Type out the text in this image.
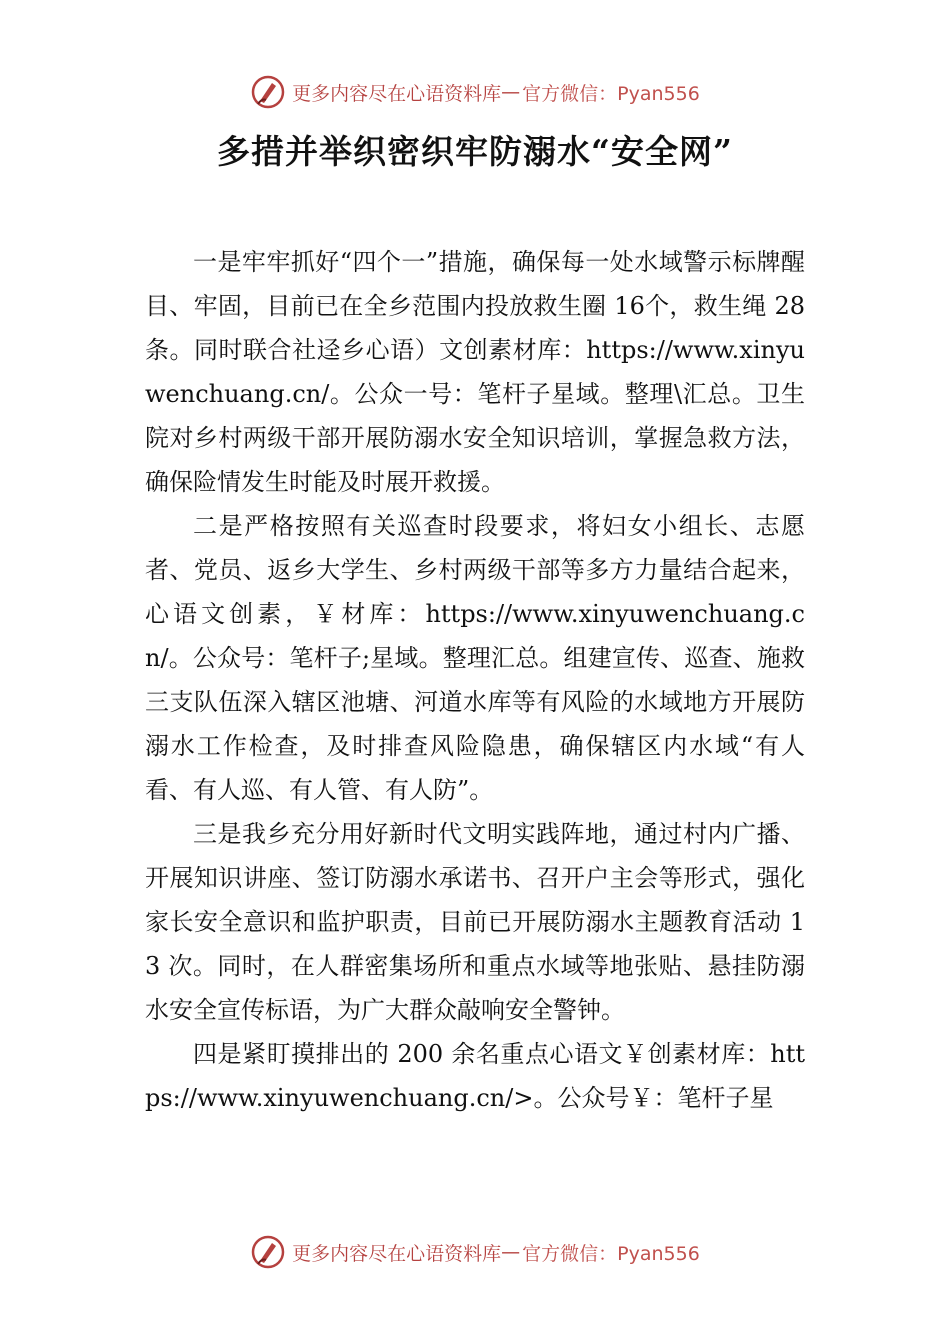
更多内容尽在心语资料库 — 官方微信：Pyan556
多措并举织密织牢防溺水“安全网”

一是牢牢抓好“四个一”措施，确保每一处水域警示标牌醒目、牢固，目前已在全乡范围内投放救生圈 16个，救生绳 28 条。同时联合社迳乡心语）文创素材库：https://www.xinyuwenchuang.cn/。公众一号：笔杆子星域。整理\汇总。卫生院对乡村两级干部开展防溺水安全知识培训，掌握急救方法，确保险情发生时能及时展开救援。

二是严格按照有关巡查时段要求，将妇女小组长、志愿者、党员、返乡大学生、乡村两级干部等多方力量结合起来，心语文创素，￥材库：https://www.xinyuwenchuang.cn/。公众号：笔杆子;星域。整理汇总。组建宣传、巡查、施救三支队伍深入辖区池塘、河道水库等有风险的水域地方开展防溺水工作检查，及时排查风险隐患，确保辖区内水域“有人看、有人巡、有人管、有人防”。

三是我乡充分用好新时代文明实践阵地，通过村内广播、开展知识讲座、签订防溺水承诺书、召开户主会等形式，强化家长安全意识和监护职责，目前已开展防溺水主题教育活动 13 次。同时，在人群密集场所和重点水域等地张贴、悬挂防溺水安全宣传标语，为广大群众敲响安全警钟。

四是紧盯摸排出的 200 余名重点心语文￥创素材库：https://www.xinyuwenchuang.cn/>。公众号￥：笔杆子星

更多内容尽在心语资料库 — 官方微信：Pyan556
